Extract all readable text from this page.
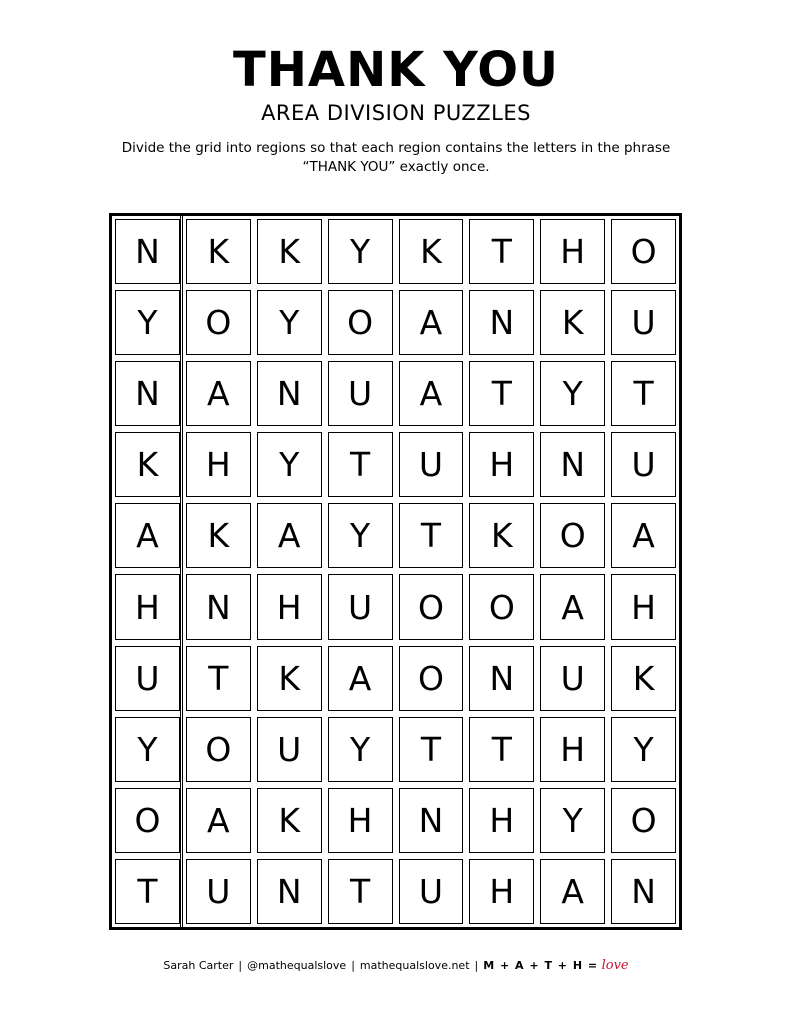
THANK YOU
AREA DIVISION PUZZLES

Divide the grid into regions so that each region contains the letters in the phrase “THANK YOU” exactly once.

N	K	K	Y	K	T	H	O
Y	O	Y	O	A	N	K	U
N	A	N	U	A	T	Y	T
K	H	Y	T	U	H	N	U
A	K	A	Y	T	K	O	A
H	N	H	U	O	O	A	H
U	T	K	A	O	N	U	K
Y	O	U	Y	T	T	H	Y
O	A	K	H	N	H	Y	O
T	U	N	T	U	H	A	N
Sarah Carter | @mathequalslove | mathequalslove.net | M + A + T + H = love
